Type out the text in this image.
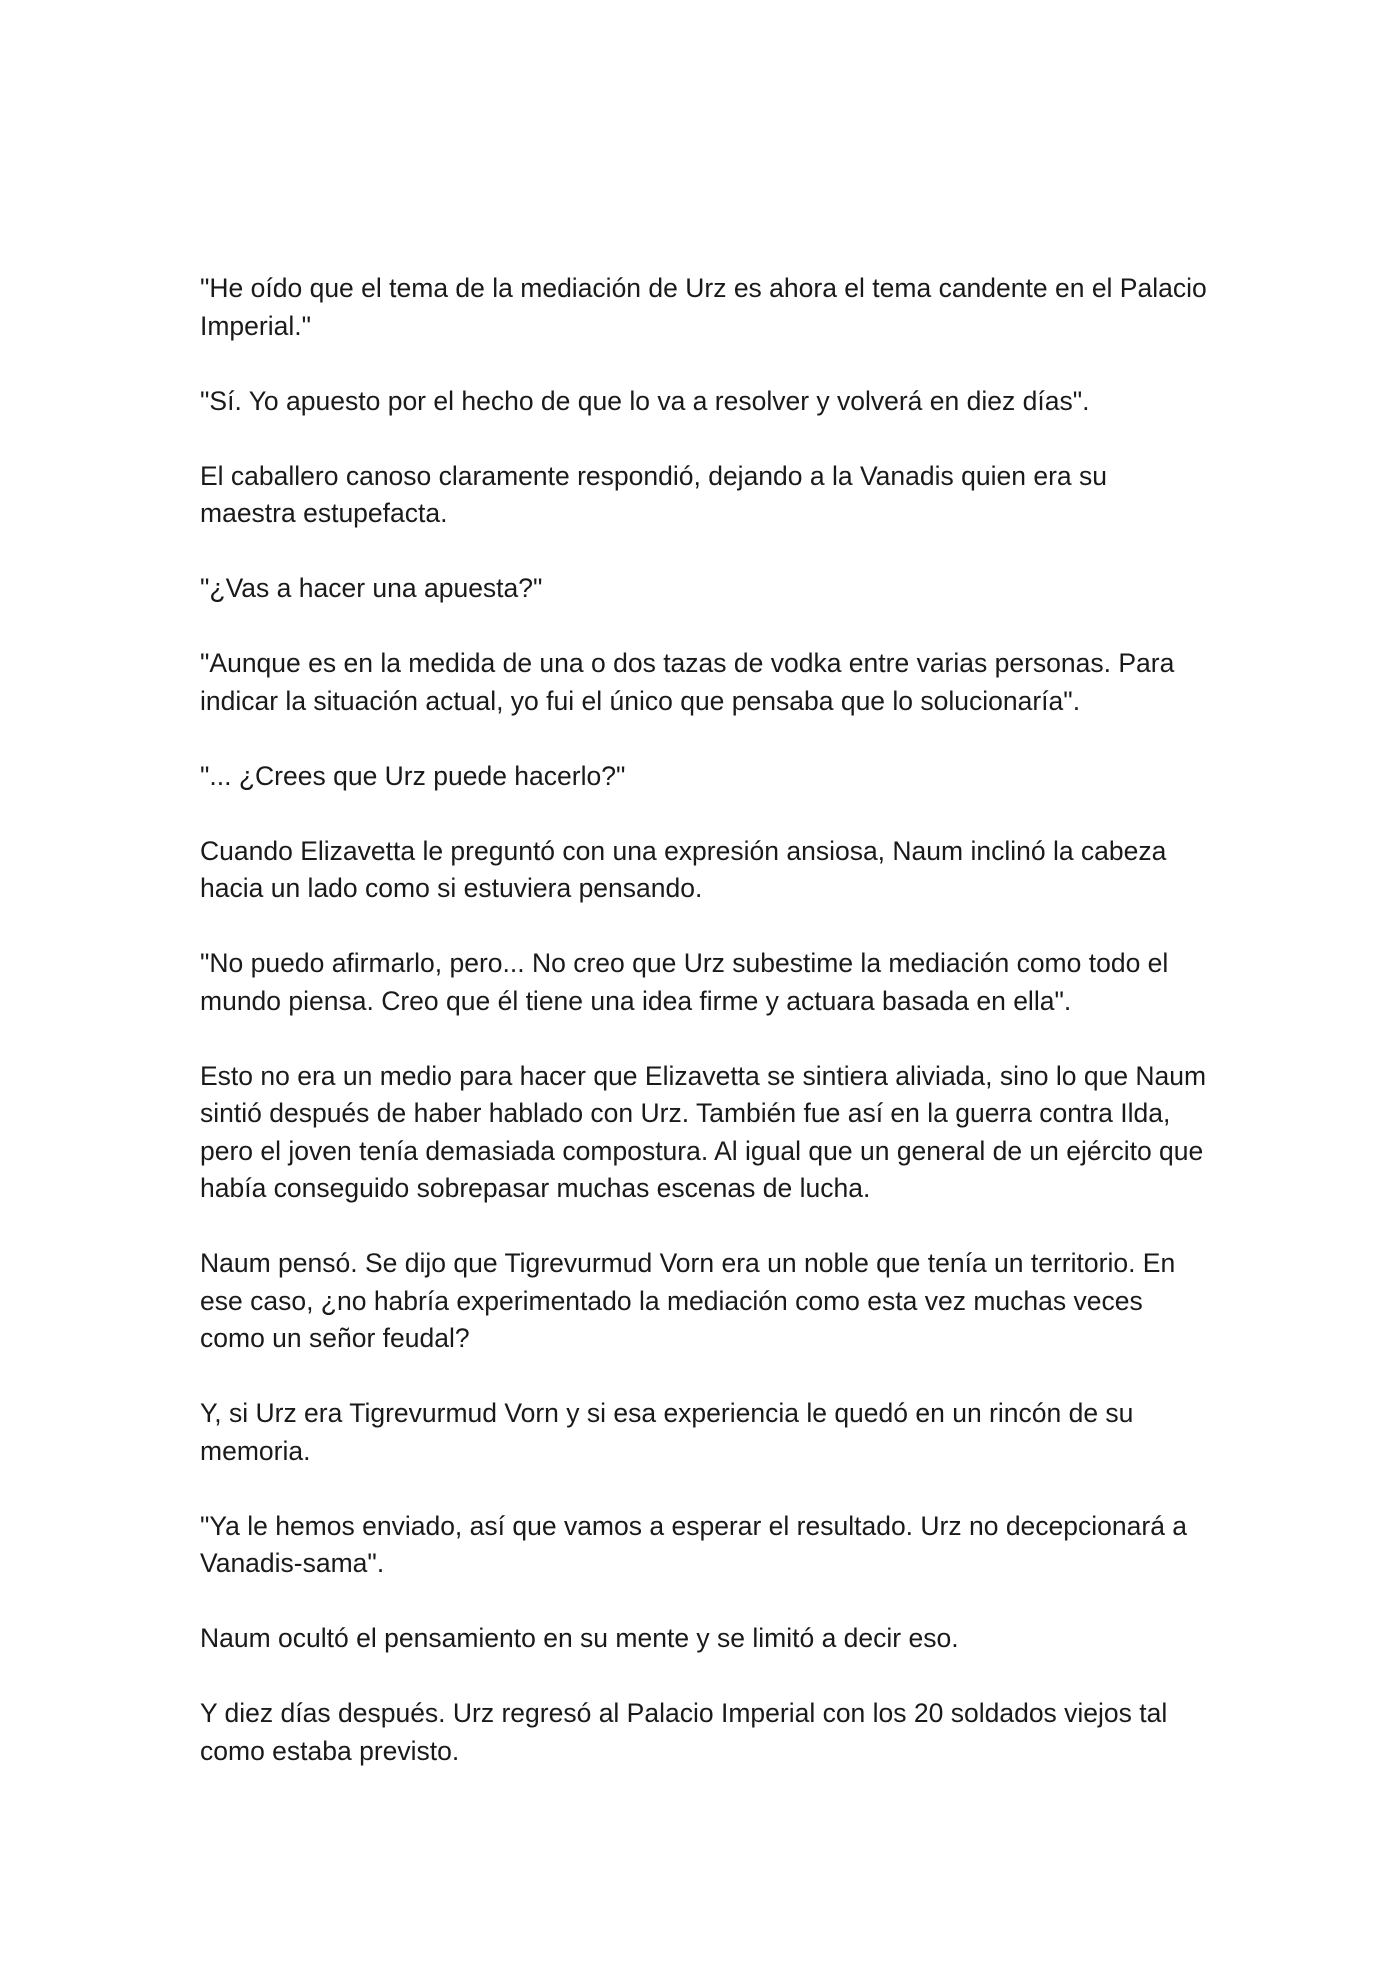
"He oído que el tema de la mediación de Urz es ahora el tema candente en el Palacio Imperial."

"Sí. Yo apuesto por el hecho de que lo va a resolver y volverá en diez días".

El caballero canoso claramente respondió, dejando a la Vanadis quien era su maestra estupefacta.

"¿Vas a hacer una apuesta?"

"Aunque es en la medida de una o dos tazas de vodka entre varias personas. Para indicar la situación actual, yo fui el único que pensaba que lo solucionaría".

"... ¿Crees que Urz puede hacerlo?"

Cuando Elizavetta le preguntó con una expresión ansiosa, Naum inclinó la cabeza hacia un lado como si estuviera pensando.

"No puedo afirmarlo, pero... No creo que Urz subestime la mediación como todo el mundo piensa. Creo que él tiene una idea firme y actuara basada en ella".

Esto no era un medio para hacer que Elizavetta se sintiera aliviada, sino lo que Naum sintió después de haber hablado con Urz. También fue así en la guerra contra Ilda, pero el joven tenía demasiada compostura. Al igual que un general de un ejército que había conseguido sobrepasar muchas escenas de lucha.

Naum pensó. Se dijo que Tigrevurmud Vorn era un noble que tenía un territorio. En ese caso, ¿no habría experimentado la mediación como esta vez muchas veces como un señor feudal?

Y, si Urz era Tigrevurmud Vorn y si esa experiencia le quedó en un rincón de su memoria.

"Ya le hemos enviado, así que vamos a esperar el resultado. Urz no decepcionará a Vanadis-sama".

Naum ocultó el pensamiento en su mente y se limitó a decir eso.

Y diez días después. Urz regresó al Palacio Imperial con los 20 soldados viejos tal como estaba previsto.
